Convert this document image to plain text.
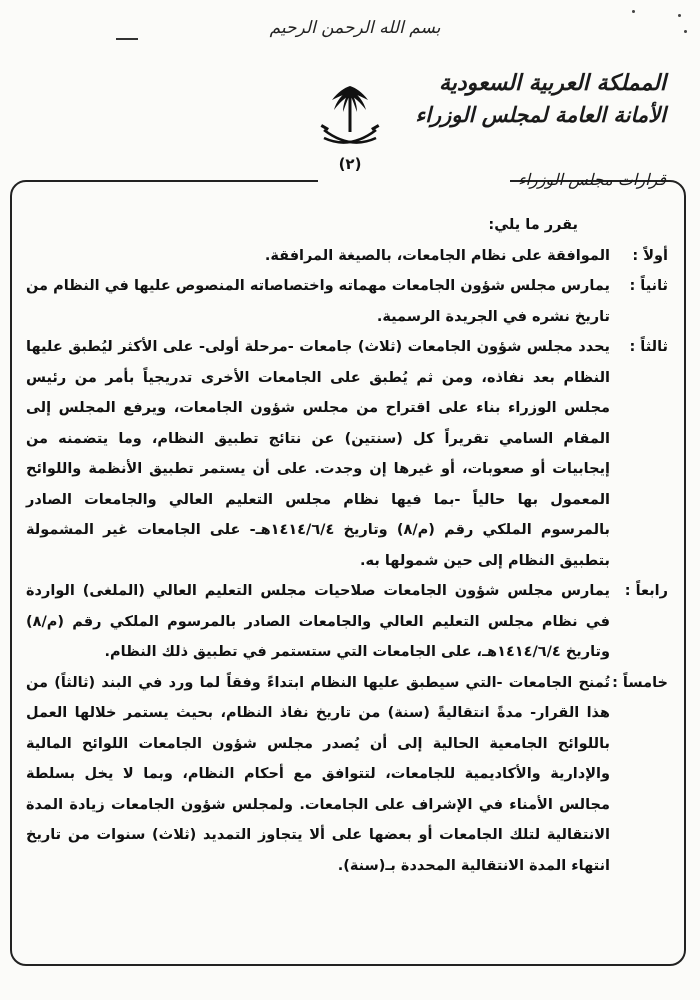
بسم الله الرحمن الرحيم
المملكة العربية السعودية
الأمانة العامة لمجلس الوزراء
(٢)
قرارات مجلس الوزراء
يقرر ما يلي:
أولاً :
الموافقة على نظام الجامعات، بالصيغة المرافقة.
ثانياً :
يمارس مجلس شؤون الجامعات مهماته واختصاصاته المنصوص عليها في النظام من تاريخ نشره في الجريدة الرسمية.
ثالثاً :
يحدد مجلس شؤون الجامعات (ثلاث) جامعات -مرحلة أولى- على الأكثر ليُطبق عليها النظام بعد نفاذه، ومن ثم يُطبق على الجامعات الأخرى تدريجياً بأمر من رئيس مجلس الوزراء بناء على اقتراح من مجلس شؤون الجامعات، ويرفع المجلس إلى المقام السامي تقريراً كل (سنتين) عن نتائج تطبيق النظام، وما يتضمنه من إيجابيات أو صعوبات، أو غيرها إن وجدت. على أن يستمر تطبيق الأنظمة واللوائح المعمول بها حالياً -بما فيها نظام مجلس التعليم العالي والجامعات الصادر بالمرسوم الملكي رقم (م/٨) وتاريخ ١٤١٤/٦/٤هـ- على الجامعات غير المشمولة بتطبيق النظام إلى حين شمولها به.
رابعاً :
يمارس مجلس شؤون الجامعات صلاحيات مجلس التعليم العالي (الملغى) الواردة في نظام مجلس التعليم العالي والجامعات الصادر بالمرسوم الملكي رقم (م/٨) وتاريخ ١٤١٤/٦/٤هـ، على الجامعات التي ستستمر في تطبيق ذلك النظام.
خامساً :
تُمنح الجامعات -التي سيطبق عليها النظام ابتداءً وفقاً لما ورد في البند (ثالثاً) من هذا القرار- مدةً انتقاليةً (سنة) من تاريخ نفاذ النظام، بحيث يستمر خلالها العمل باللوائح الجامعية الحالية إلى أن يُصدر مجلس شؤون الجامعات اللوائح المالية والإدارية والأكاديمية للجامعات، لتتوافق مع أحكام النظام، وبما لا يخل بسلطة مجالس الأمناء في الإشراف على الجامعات. ولمجلس شؤون الجامعات زيادة المدة الانتقالية لتلك الجامعات أو بعضها على ألا يتجاوز التمديد (ثلاث) سنوات من تاريخ انتهاء المدة الانتقالية المحددة بـ(سنة).
